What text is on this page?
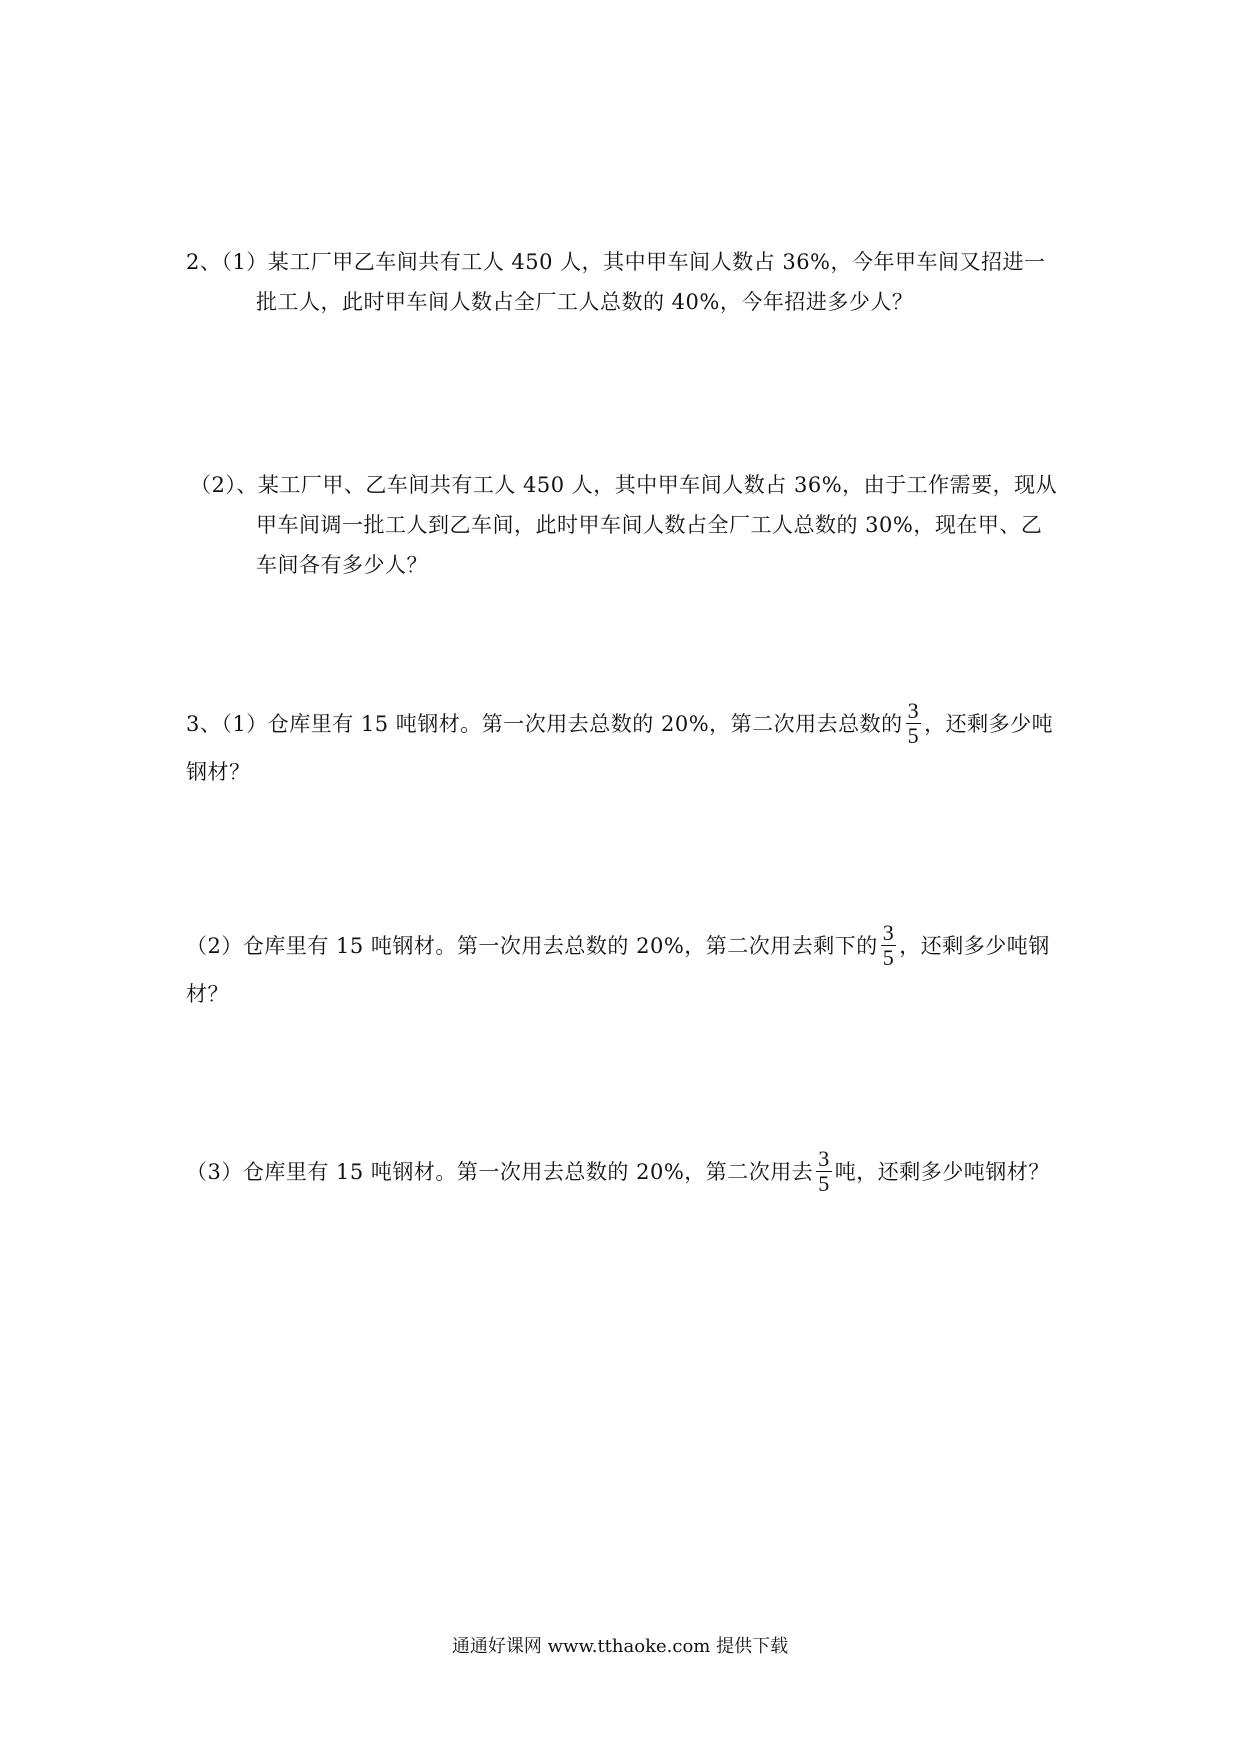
2、（1）某工厂甲乙车间共有工人 450 人，其中甲车间人数占 36%，今年甲车间又招进一
批工人，此时甲车间人数占全厂工人总数的 40%，今年招进多少人？
（2）、某工厂甲、乙车间共有工人 450 人，其中甲车间人数占 36%，由于工作需要，现从
甲车间调一批工人到乙车间，此时甲车间人数占全厂工人总数的 30%，现在甲、乙
车间各有多少人？
3、（1）仓库里有 15 吨钢材。第一次用去总数的 20%，第二次用去总数的 $\frac{3}{5}$ ，还剩多少吨
钢材？
（2）仓库里有 15 吨钢材。第一次用去总数的 20%，第二次用去剩下的 $\frac{3}{5}$ ，还剩多少吨钢
材？
（3）仓库里有 15 吨钢材。第一次用去总数的 20%，第二次用去 $\frac{3}{5}$ 吨，还剩多少吨钢材？
通通好课网 www.tthaoke.com 提供下载
